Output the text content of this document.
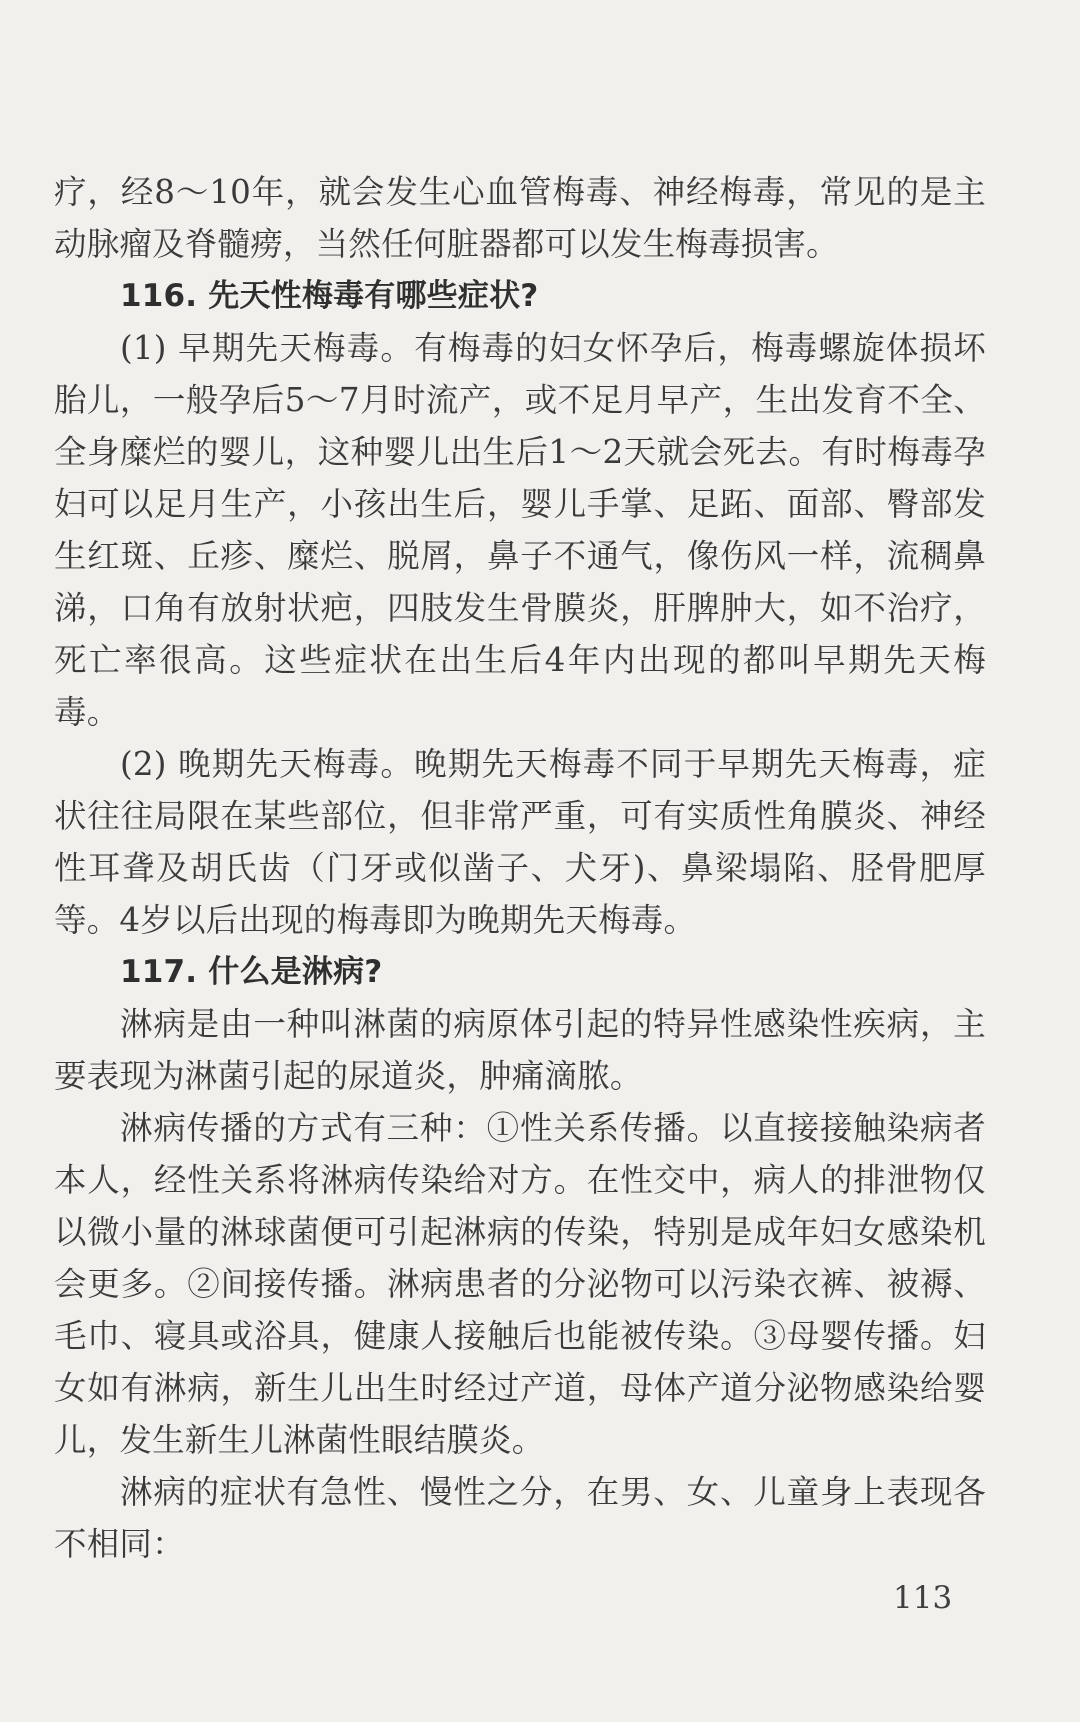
疗，经8～10年，就会发生心血管梅毒、神经梅毒，常见的是主动脉瘤及脊髓痨，当然任何脏器都可以发生梅毒损害。

116. 先天性梅毒有哪些症状?

(1) 早期先天梅毒。有梅毒的妇女怀孕后，梅毒螺旋体损坏胎儿，一般孕后5～7月时流产，或不足月早产，生出发育不全、全身糜烂的婴儿，这种婴儿出生后1～2天就会死去。有时梅毒孕妇可以足月生产，小孩出生后，婴儿手掌、足跖、面部、臀部发生红斑、丘疹、糜烂、脱屑，鼻子不通气，像伤风一样，流稠鼻涕，口角有放射状疤，四肢发生骨膜炎，肝脾肿大，如不治疗，死亡率很高。这些症状在出生后4年内出现的都叫早期先天梅毒。

(2) 晚期先天梅毒。晚期先天梅毒不同于早期先天梅毒，症状往往局限在某些部位，但非常严重，可有实质性角膜炎、神经性耳聋及胡氏齿（门牙或似凿子、犬牙)、鼻梁塌陷、胫骨肥厚等。4岁以后出现的梅毒即为晚期先天梅毒。

117. 什么是淋病?

淋病是由一种叫淋菌的病原体引起的特异性感染性疾病，主要表现为淋菌引起的尿道炎，肿痛滴脓。

淋病传播的方式有三种：①性关系传播。以直接接触染病者本人，经性关系将淋病传染给对方。在性交中，病人的排泄物仅以微小量的淋球菌便可引起淋病的传染，特别是成年妇女感染机会更多。②间接传播。淋病患者的分泌物可以污染衣裤、被褥、毛巾、寝具或浴具，健康人接触后也能被传染。③母婴传播。妇女如有淋病，新生儿出生时经过产道，母体产道分泌物感染给婴儿，发生新生儿淋菌性眼结膜炎。

淋病的症状有急性、慢性之分，在男、女、儿童身上表现各不相同：

113
